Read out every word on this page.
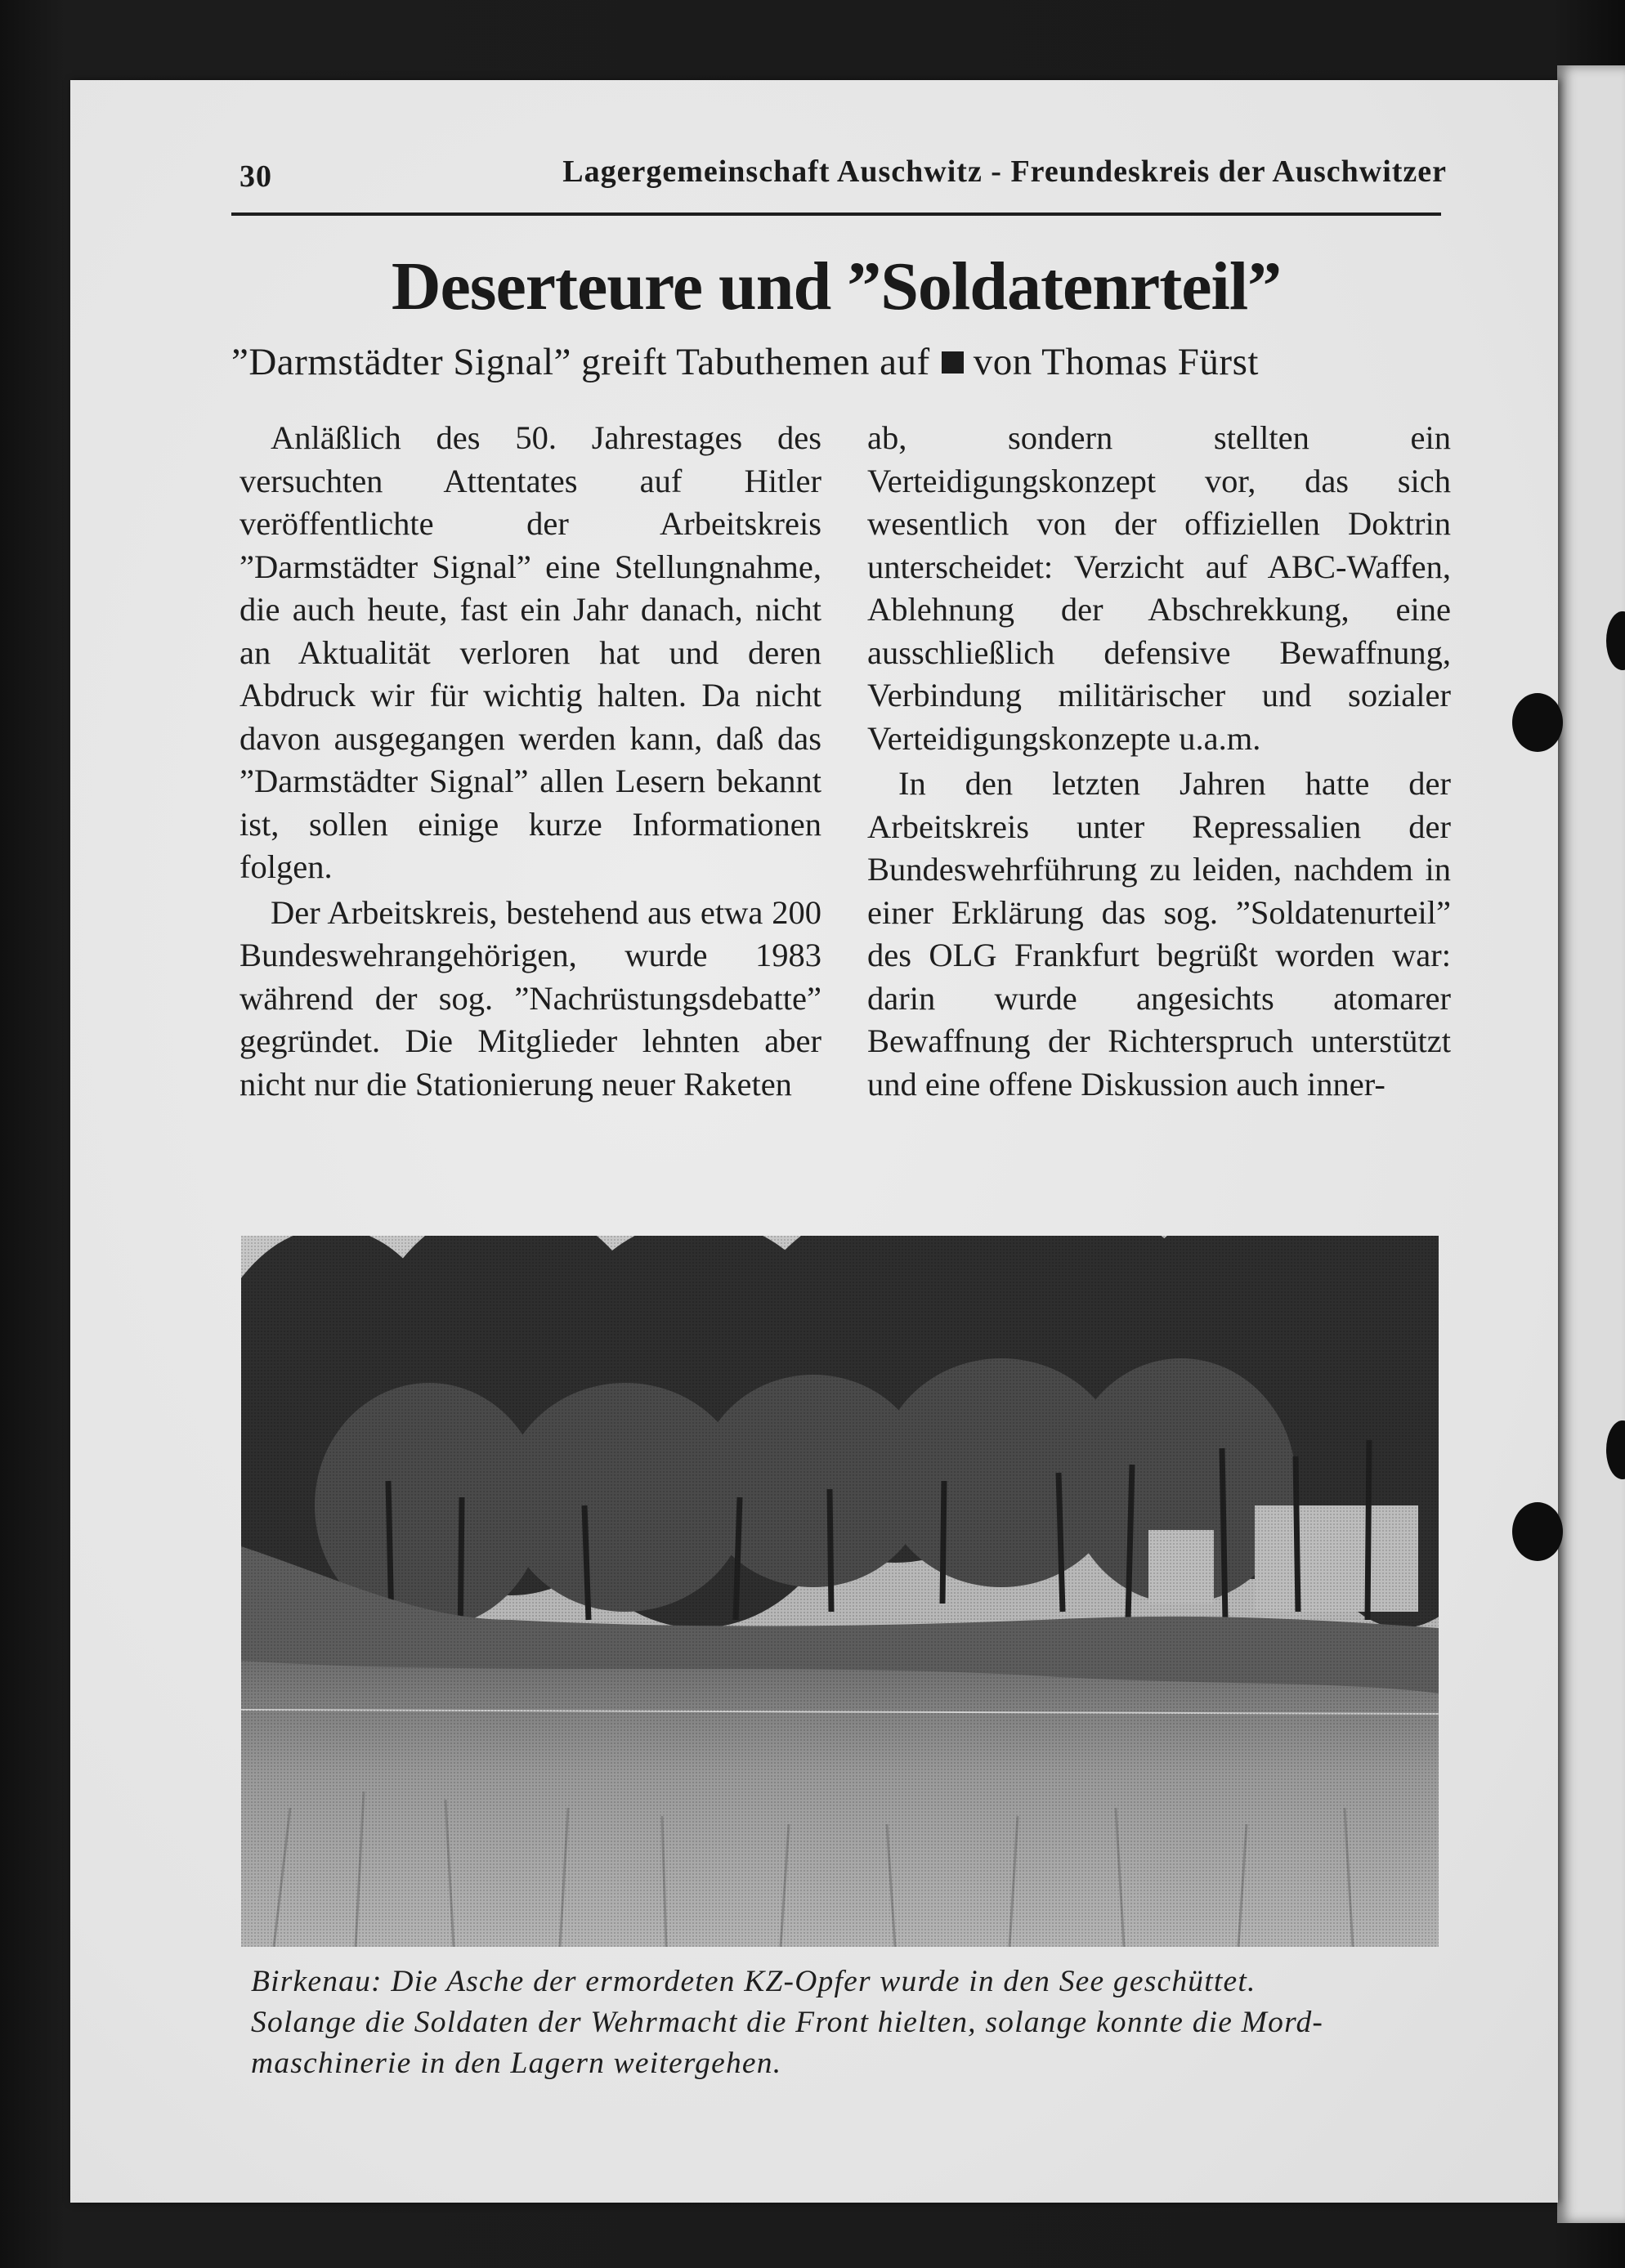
30	Lagergemeinschaft Auschwitz - Freundeskreis der Auschwitzer
Deserteure und ”Soldatenrteil”
”Darmstädter Signal” greift Tabuthemen auf von Thomas Fürst

Anläßlich des 50. Jahrestages des versuchten Attentates auf Hitler veröffentlichte der Arbeitskreis ”Darmstädter Signal” eine Stellungnahme, die auch heute, fast ein Jahr danach, nicht an Aktualität verloren hat und deren Abdruck wir für wichtig halten. Da nicht davon ausgegangen werden kann, daß das ”Darmstädter Signal” allen Lesern bekannt ist, sollen einige kurze Informationen folgen.

Der Arbeitskreis, bestehend aus etwa 200 Bundeswehrangehörigen, wurde 1983 während der sog. ”Nachrüstungsdebatte” gegründet. Die Mitglieder lehnten aber nicht nur die Stationierung neuer Raketen

ab, sondern stellten ein Verteidigungskonzept vor, das sich wesentlich von der offiziellen Doktrin unterscheidet: Verzicht auf ABC-Waffen, Ablehnung der Abschrekkung, eine ausschließlich defensive Bewaffnung, Verbindung militärischer und sozialer Verteidigungskonzepte u.a.m.

In den letzten Jahren hatte der Arbeitskreis unter Repressalien der Bundeswehrführung zu leiden, nachdem in einer Erklärung das sog. ”Soldatenurteil” des OLG Frankfurt begrüßt worden war: darin wurde angesichts atomarer Bewaffnung der Richterspruch unterstützt und eine offene Diskussion auch inner-

Birkenau: Die Asche der ermordeten KZ-Opfer wurde in den See geschüttet.
Solange die Soldaten der Wehrmacht die Front hielten, solange konnte die Mord-
maschinerie in den Lagern weitergehen.
